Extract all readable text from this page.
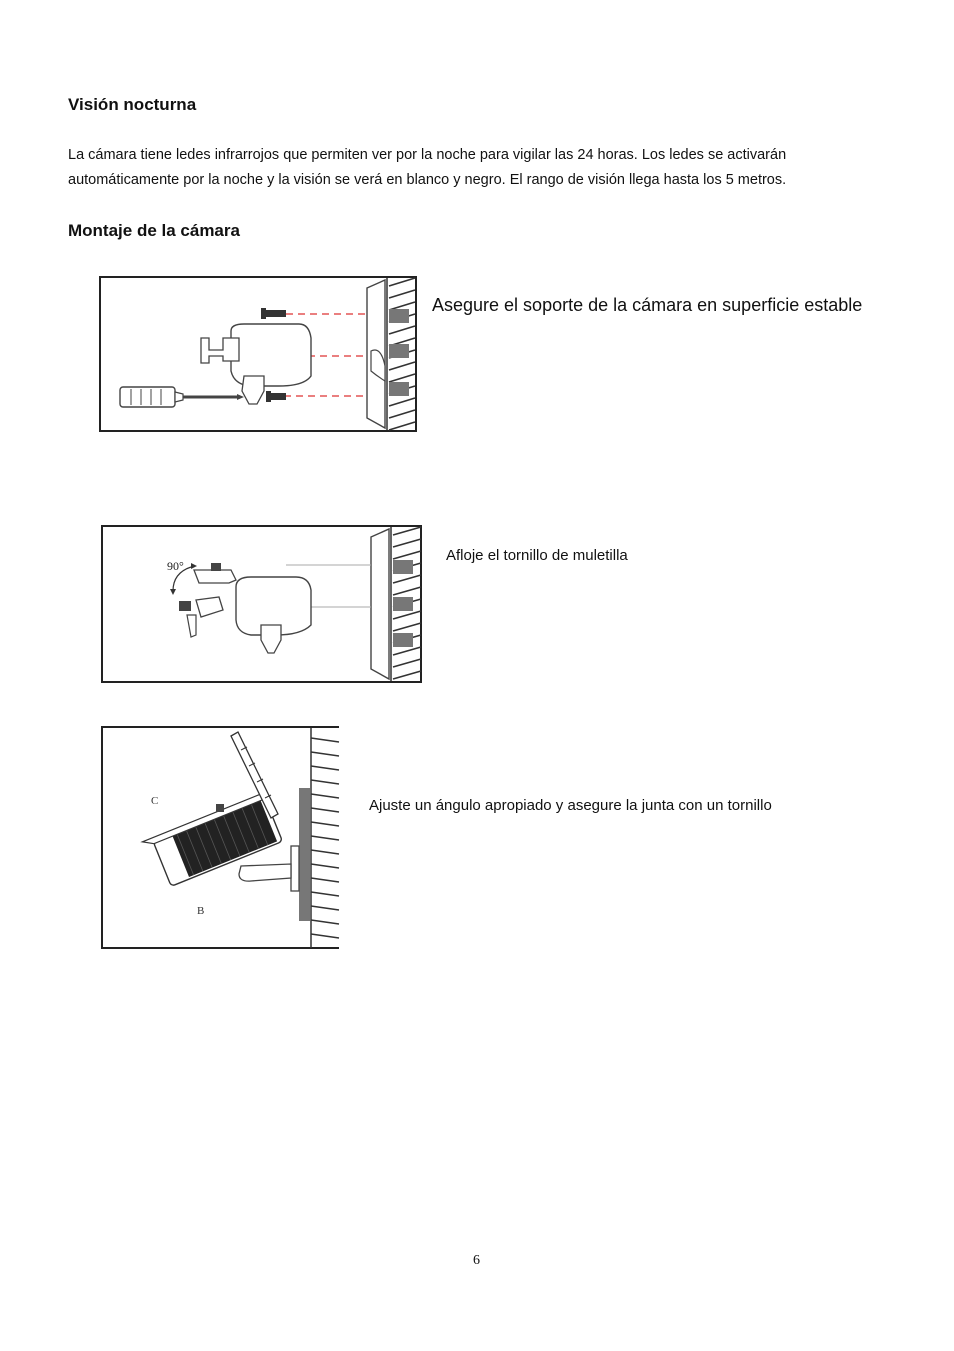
Visión nocturna
La cámara tiene ledes infrarrojos que permiten ver por la noche para vigilar las 24 horas. Los ledes se activarán automáticamente por la noche y la visión se verá en blanco y negro. El rango de visión llega hasta los 5 metros.
Montaje de la cámara
Asegure el soporte de la cámara en superficie estable
90°
Afloje el tornillo de muletilla
C
B
Ajuste un ángulo apropiado y asegure la junta con un tornillo
6
